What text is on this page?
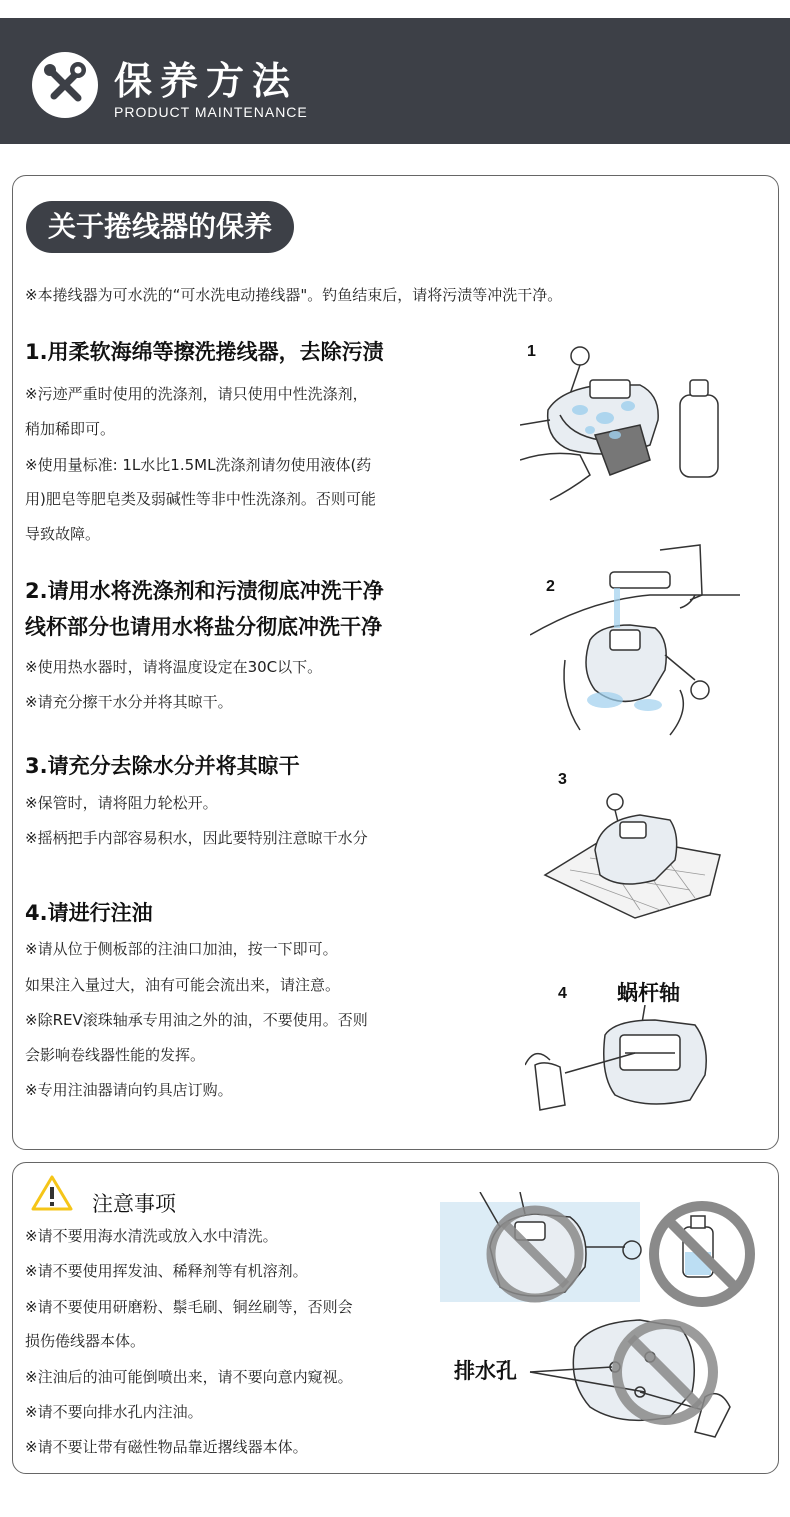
保养方法
PRODUCT MAINTENANCE
关于捲线器的保养
※本捲线器为可水洗的“可水洗电动捲线器"。钓鱼结束后，请将污渍等冲洗干净。
1.用柔软海绵等擦洗捲线器，去除污渍
※污迹严重时使用的洗涤剂，请只使用中性洗涤剂，
稍加稀即可。
※使用量标准: 1L水比1.5ML洗涤剂请勿使用液体(药
用)肥皂等肥皂类及弱碱性等非中性洗涤剂。否则可能
导致故障。
2.请用水将洗涤剂和污渍彻底冲洗干净
线杯部分也请用水将盐分彻底冲洗干净
※使用热水器时，请将温度设定在30C以下。
※请充分擦干水分并将其晾干。
3.请充分去除水分并将其晾干
※保管时，请将阻力轮松开。
※摇柄把手内部容易积水，因此要特别注意晾干水分
4.请进行注油
※请从位于侧板部的注油口加油，按一下即可。
如果注入量过大，油有可能会流出来，请注意。
※除REV滚珠轴承专用油之外的油，不要使用。否则
会影响卷线器性能的发挥。
※专用注油器请向钓具店订购。
1
2
3
4 蜗杆轴
注意事项
※请不要用海水清洗或放入水中清洗。
※请不要使用挥发油、稀释剂等有机溶剂。
※请不要使用研磨粉、鬃毛刷、铜丝刷等，否则会
损伤倦线器本体。
※注油后的油可能倒喷出来，请不要向意内窥视。
※请不要向排水孔内注油。
※请不要让带有磁性物品靠近撂线器本体。
排水孔
